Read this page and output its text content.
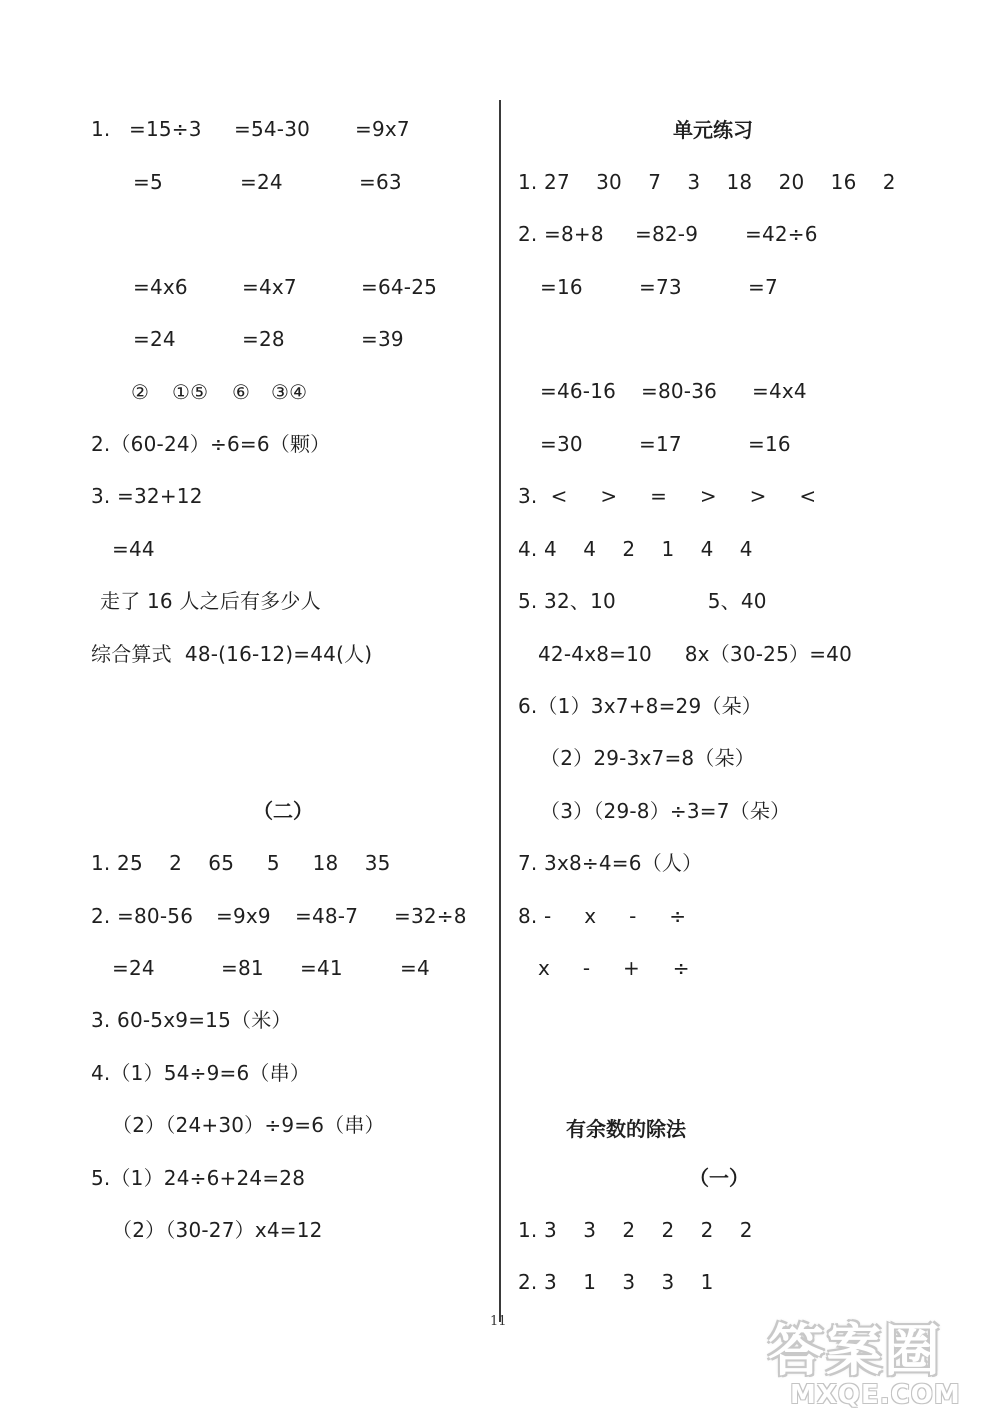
1. =15÷3 =54-30 =9x7
=5	=24	=63
=4x6	=4x7	=64-25
=24	=28	=39
② ①⑤ ⑥ ③④
2.（60-24）÷6=6（颗）
3. =32+12
=44
走了 16 人之后有多少人
综合算式  48-(16-12)=44(人)
（二）
1. 25    2    65     5     18    35
2. =80-56 =9x9 =48-7 =32÷8
=24	=81 =41	=4
3. 60-5x9=15（米）
4.（1）54÷9=6（串）
（2）（24+30）÷9=6（串）
5.（1）24÷6+24=28
（2）（30-27）x4=12
单元练习
1. 27    30    7    3    18    20    16    2
2. =8+8 =82-9 =42÷6
=16	=73	=7
=46-16 =80-36 =4x4
=30	=17	=16
3.  <     >     =     >     >     <
4. 4    4    2    1    4    4
5. 32、10              5、40
42-4x8=10     8x（30-25）=40
6.（1）3x7+8=29（朵）
（2）29-3x7=8（朵）
（3）（29-8）÷3=7（朵）
7. 3x8÷4=6（人）
8. -     x     -     ÷
x     -     +     ÷
有余数的除法
（一）
1. 3    3    2    2    2    2
2. 3    1    3    3    1
11	答案圈
MXQE.COM
